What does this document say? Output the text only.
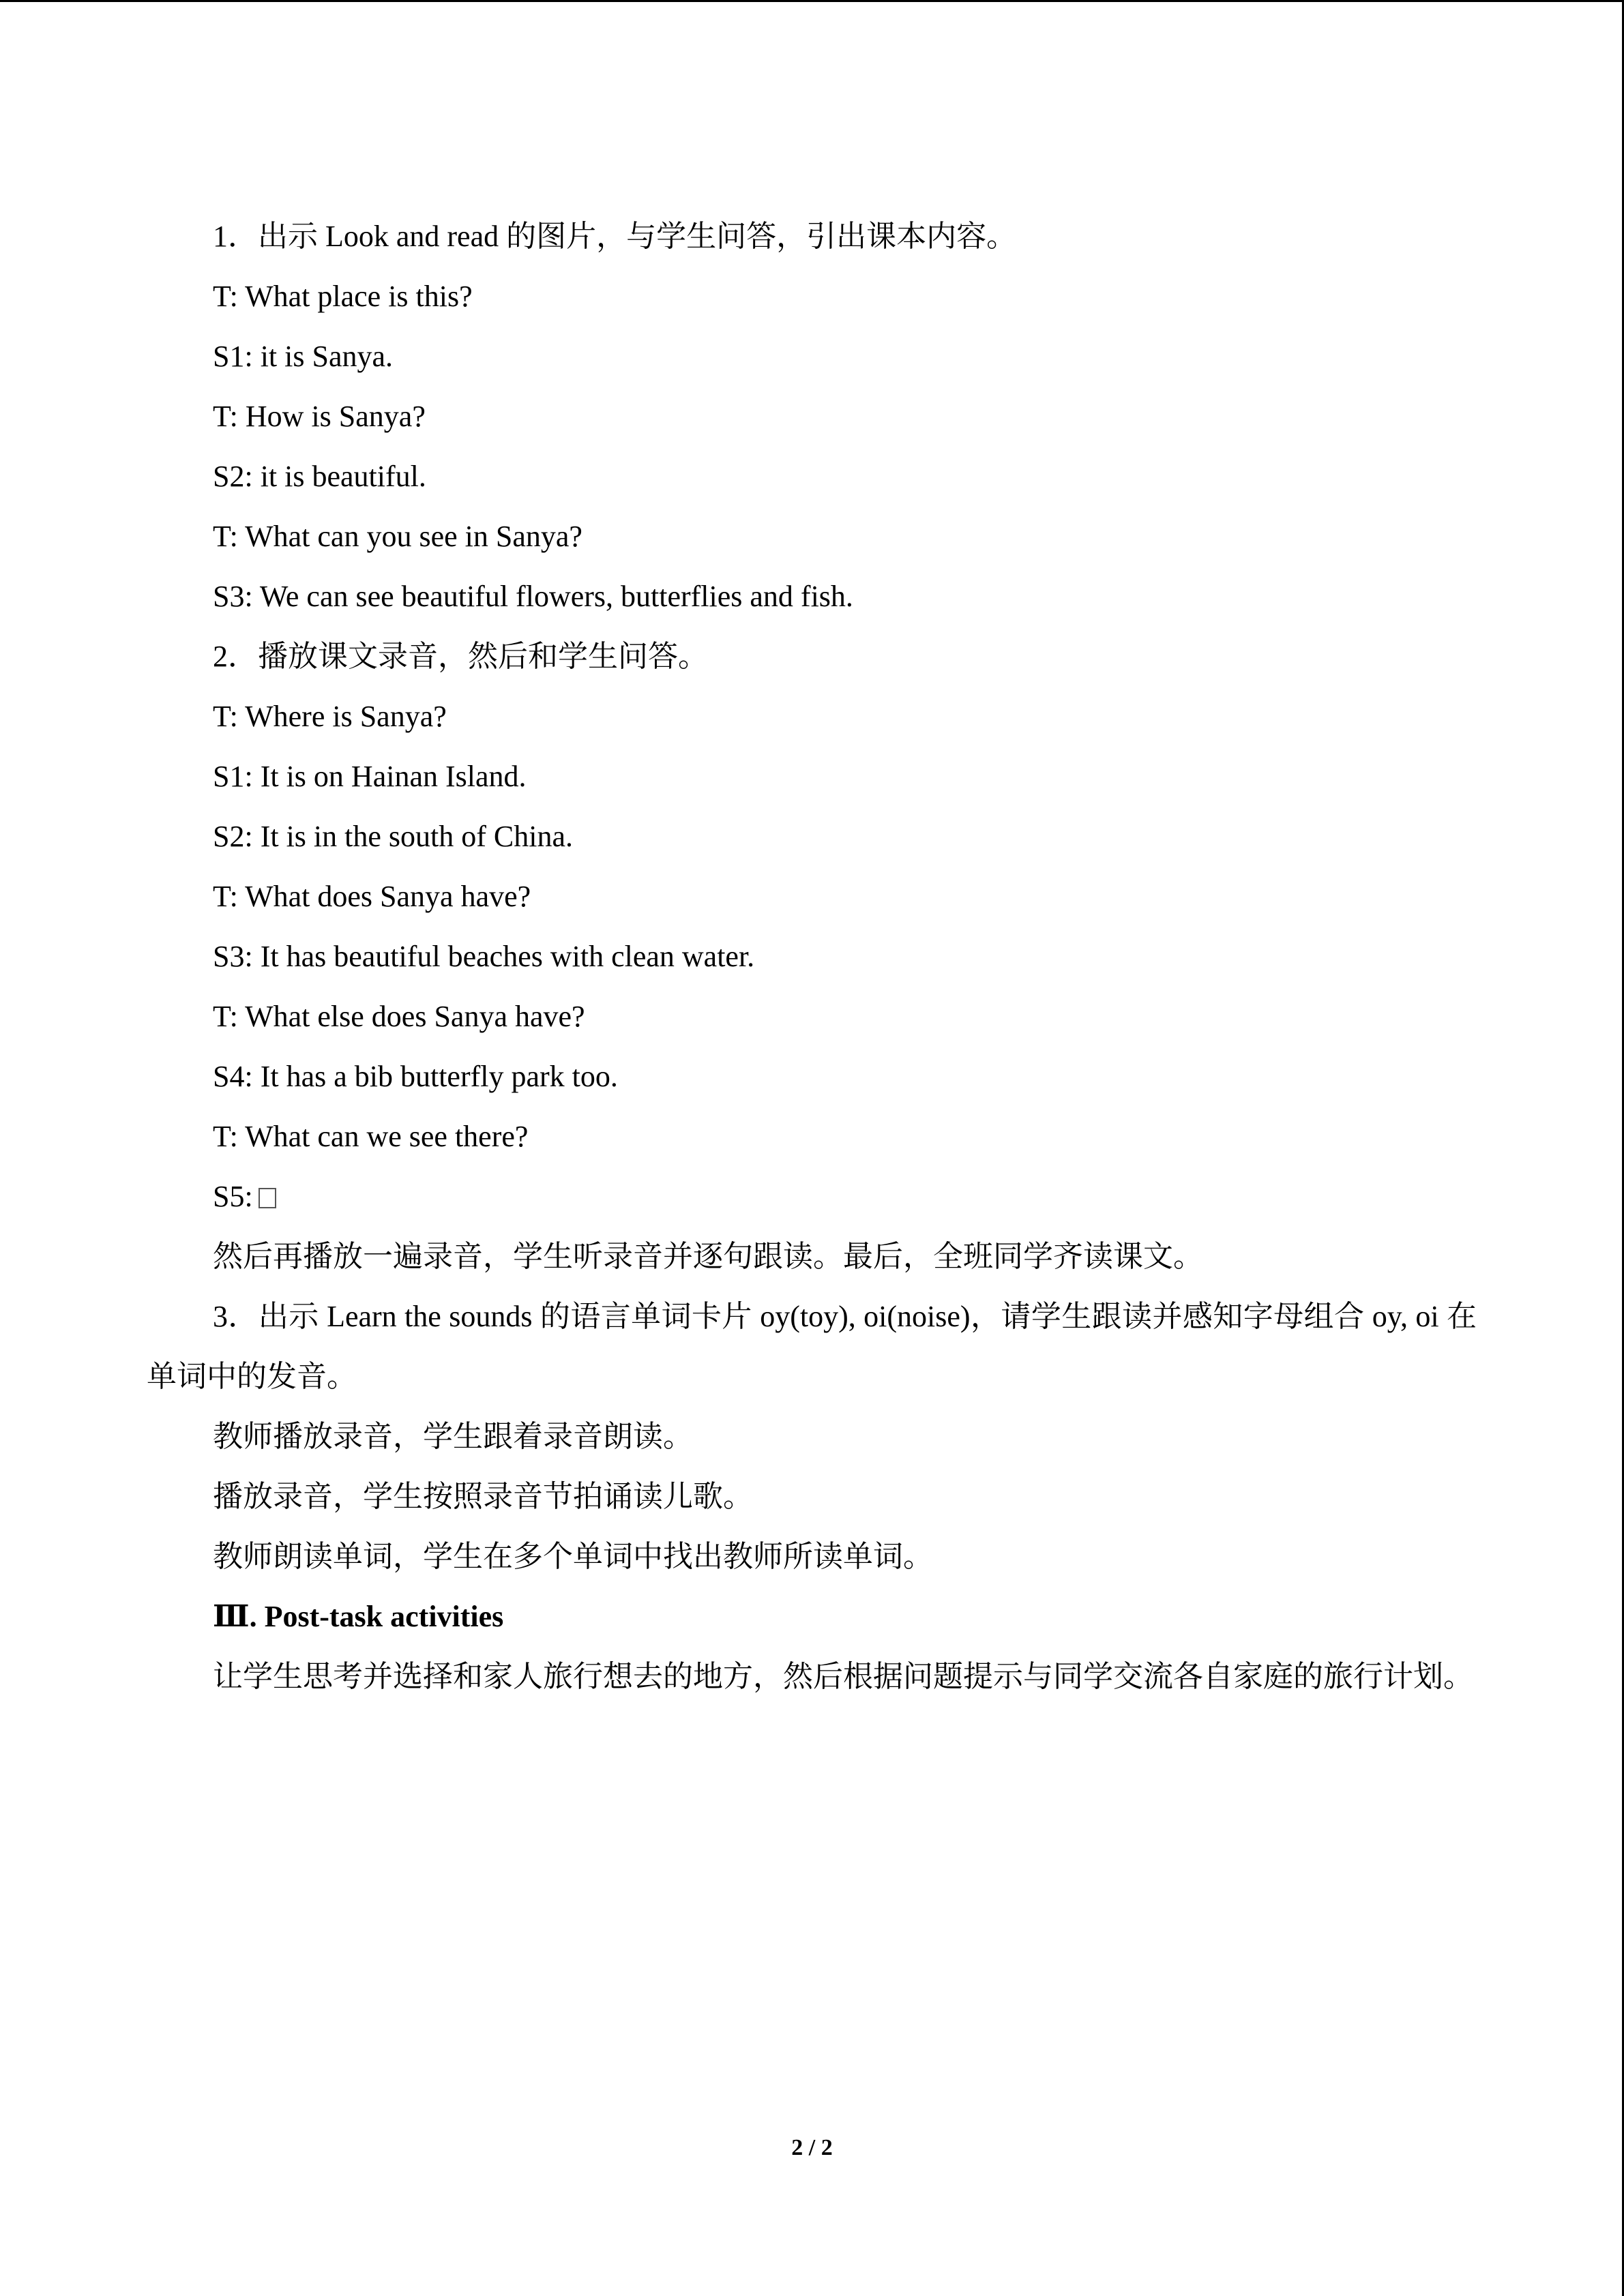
1．出示 Look and read 的图片，与学生问答，引出课本内容。
T: What place is this?
S1: it is Sanya.
T: How is Sanya?
S2: it is beautiful.
T: What can you see in Sanya?
S3: We can see beautiful flowers, butterflies and fish.
2．播放课文录音，然后和学生问答。
T: Where is Sanya?
S1: It is on Hainan Island.
S2: It is in the south of China.
T: What does Sanya have?
S3: It has beautiful beaches with clean water.
T: What else does Sanya have?
S4: It has a bib butterfly park too.
T: What can we see there?
S5:
然后再播放一遍录音，学生听录音并逐句跟读。最后，全班同学齐读课文。
3．出示 Learn the sounds 的语言单词卡片 oy(toy), oi(noise)，请学生跟读并感知字母组合 oy, oi 在单词中的发音。
教师播放录音，学生跟着录音朗读。
播放录音，学生按照录音节拍诵读儿歌。
教师朗读单词，学生在多个单词中找出教师所读单词。
Ⅲ. Post-task activities
让学生思考并选择和家人旅行想去的地方，然后根据问题提示与同学交流各自家庭的旅行计划。
2 / 2
